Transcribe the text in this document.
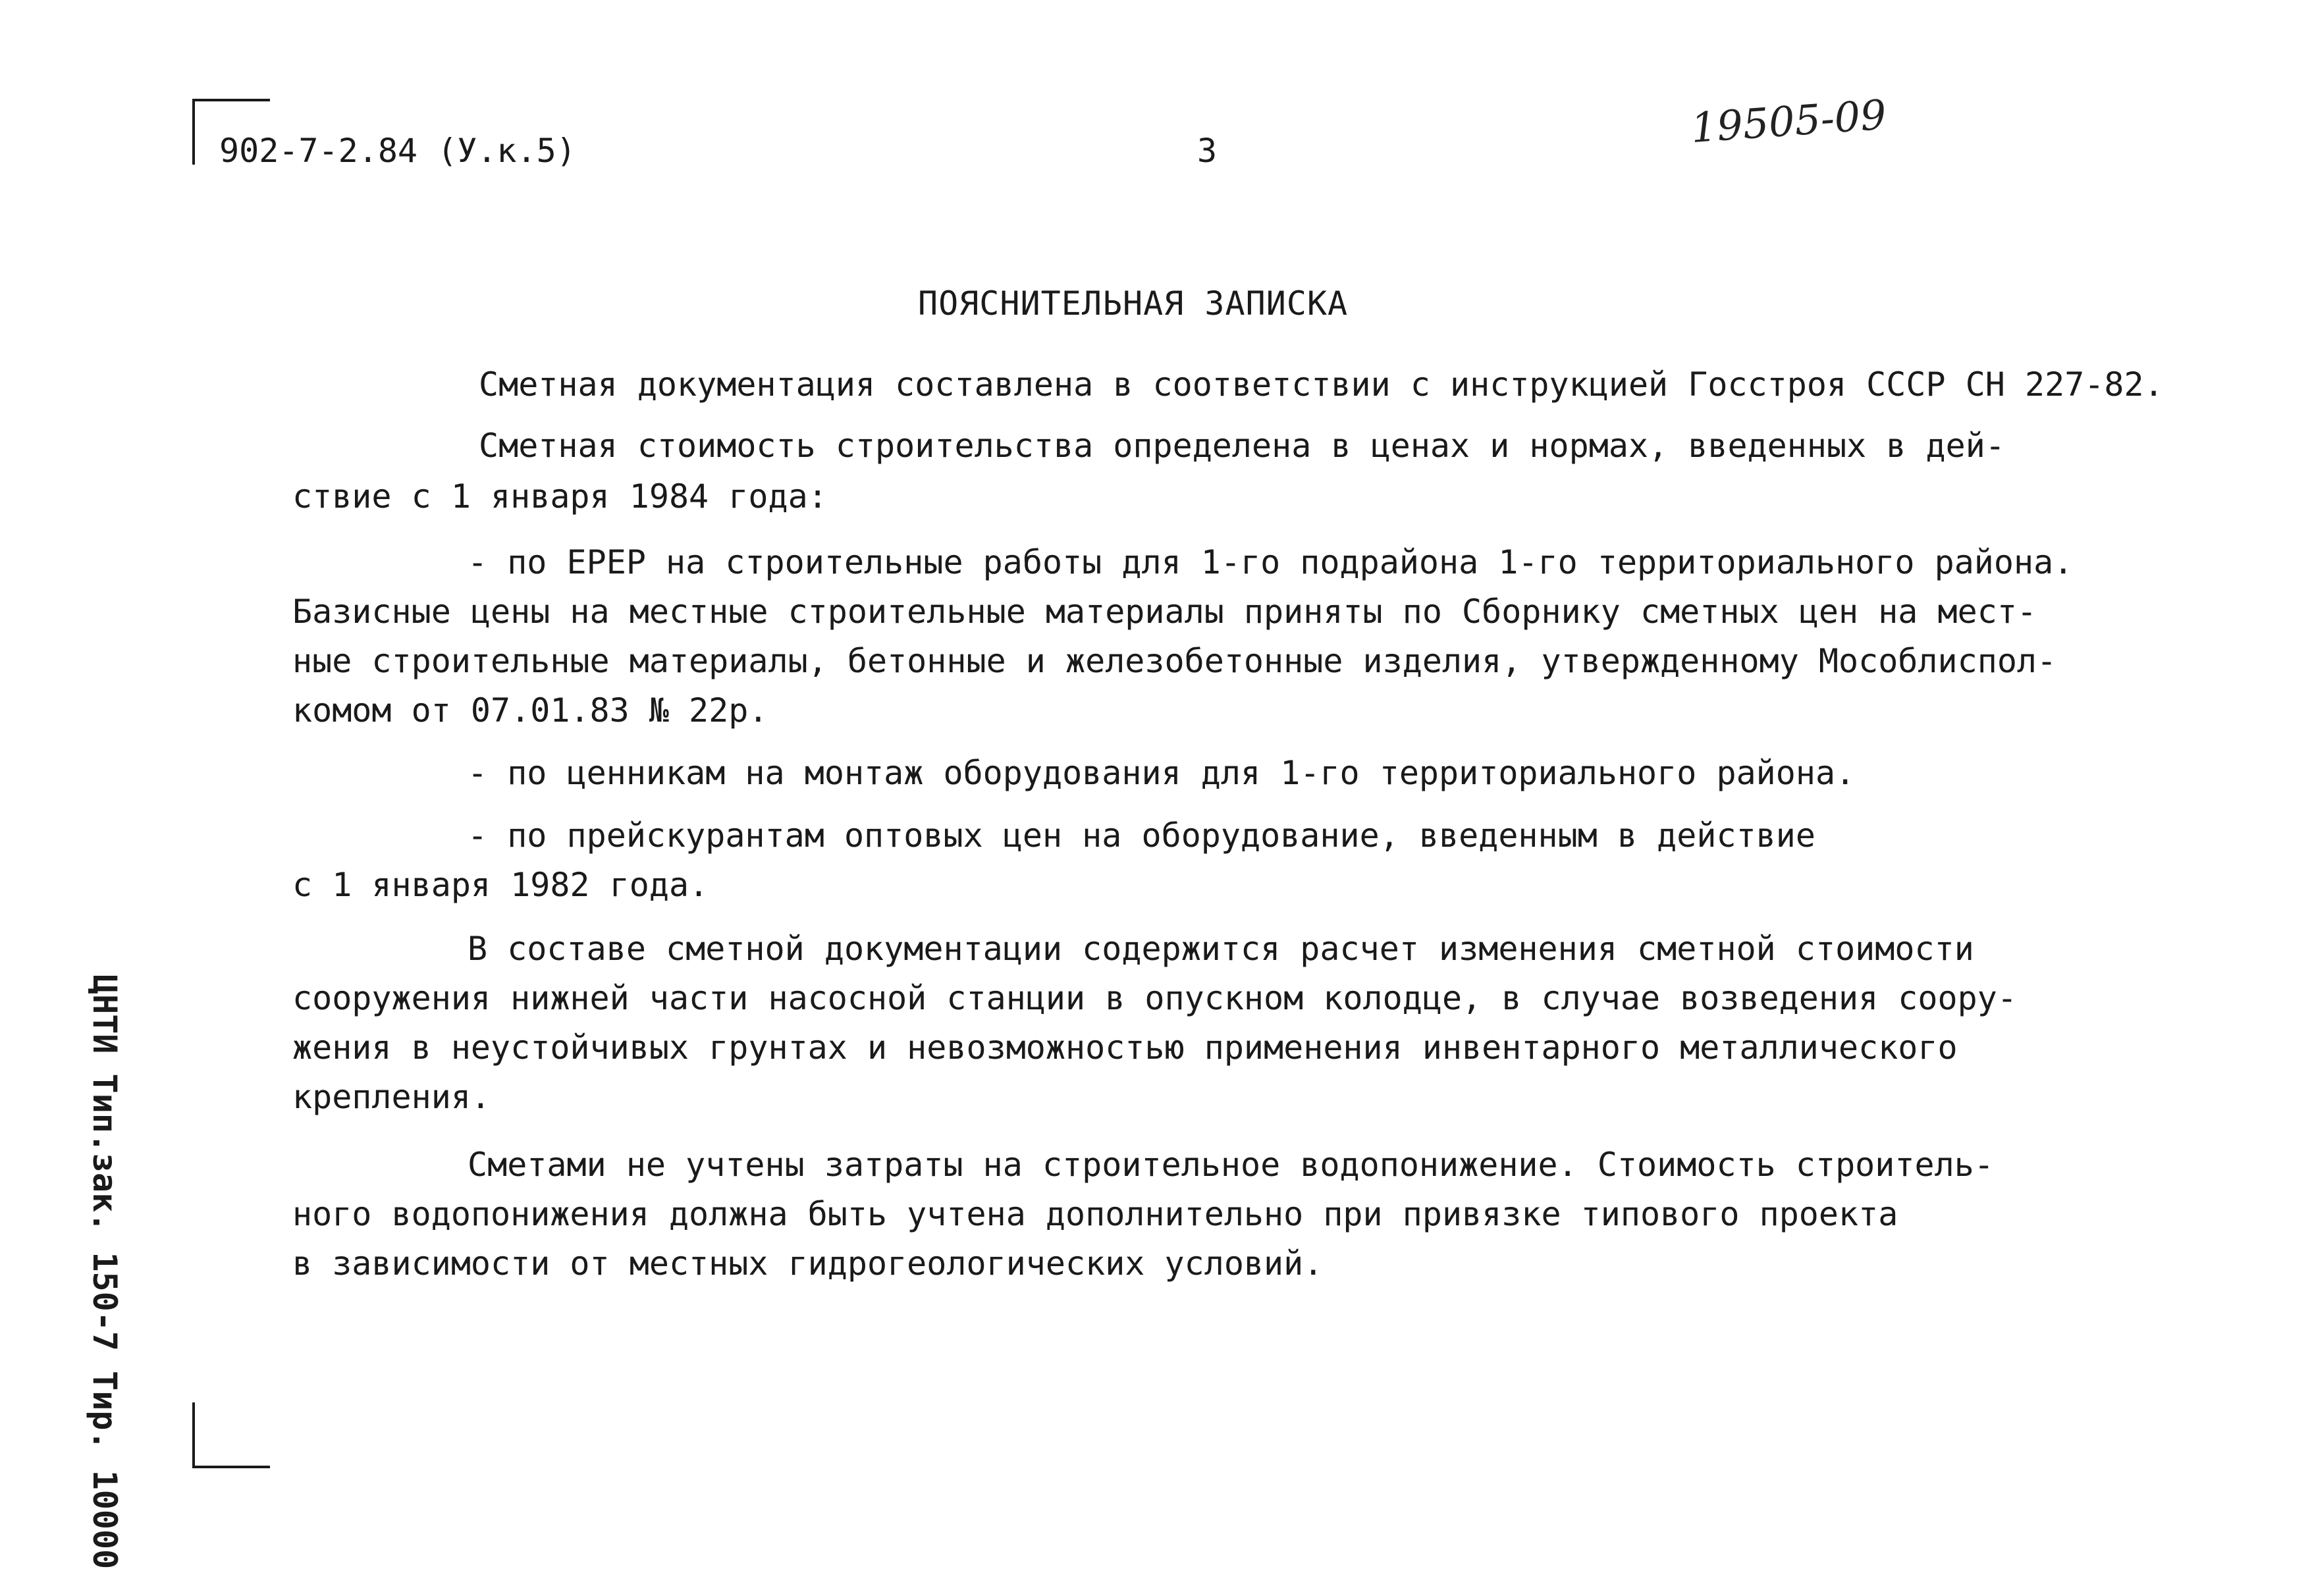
902-7-2.84 (У.к.5)	3	19505-09
ПОЯСНИТЕЛЬНАЯ ЗАПИСКА
Сметная документация составлена в соответствии с инструкцией Госстроя СССР СН 227-82.
Сметная стоимость строительства определена в ценах и нормах, введенных в дей-
ствие с 1 января 1984 года:
- по ЕРЕР на строительные работы для 1-го подрайона 1-го территориального района.
Базисные цены на местные строительные материалы приняты по Сборнику сметных цен на мест-
ные строительные материалы, бетонные и железобетонные изделия, утвержденному Мособлиспол-
комом от 07.01.83 № 22р.
- по ценникам на монтаж оборудования для 1-го территориального района.
- по прейскурантам оптовых цен на оборудование, введенным в действие
с 1 января 1982 года.
В составе сметной документации содержится расчет изменения сметной стоимости
сооружения нижней части насосной станции в опускном колодце, в случае возведения соору-
жения в неустойчивых грунтах и невозможностью применения инвентарного металлического
крепления.
Сметами не учтены затраты на строительное водопонижение. Стоимость строитель-
ного водопонижения должна быть учтена дополнительно при привязке типового проекта
в зависимости от местных гидрогеологических условий.
ЦНТИ Тип.зак. 150-7 Тир. 10000
